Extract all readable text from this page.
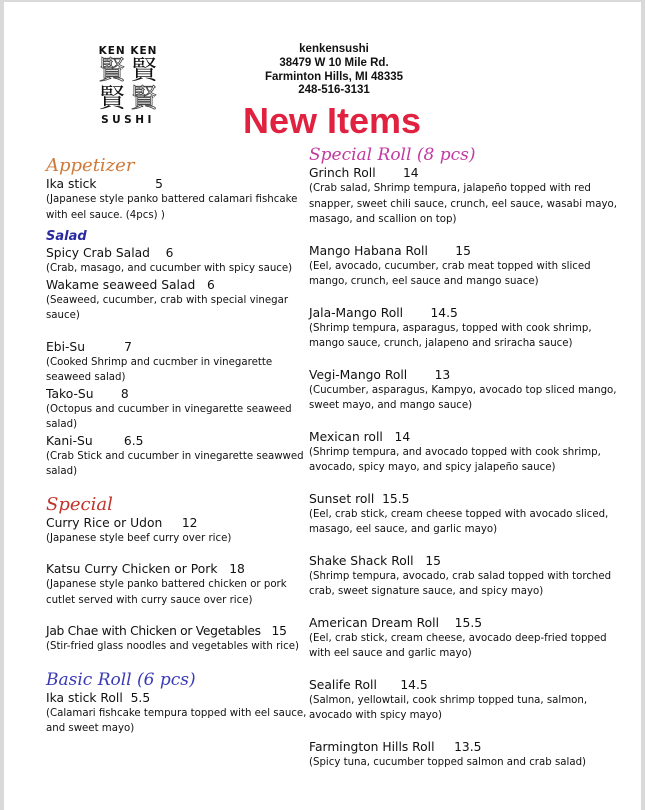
KEN KEN
賢 賢
賢 賢
SUSHI
kenkensushi
38479 W 10 Mile Rd.
Farminton Hills, MI 48335
248-516-3131
New Items
Appetizer
Ika stick	5
(Japanese style panko battered calamari fishcake with eel sauce. (4pcs) )
Salad
Spicy Crab Salad 6
(Crab, masago, and cucumber with spicy sauce)
Wakame seaweed Salad 6
(Seaweed, cucumber, crab with special vinegar sauce)
Ebi-Su	7
(Cooked Shrimp and cucmber in vinegarette seaweed salad)
Tako-Su 8
(Octopus and cucumber in vinegarette seaweed salad)
Kani-Su	6.5
(Crab Stick and cucumber in vinegarette seawwed salad)
Special
Curry Rice or Udon 12
(Japanese style beef curry over rice)
Katsu Curry Chicken or Pork 18
(Japanese style panko battered chicken or pork cutlet served with curry sauce over rice)
Jab Chae with Chicken or Vegetables 15
(Stir-fried glass noodles and vegetables with rice)
Basic Roll (6 pcs)
Ika stick Roll 5.5
(Calamari fishcake tempura topped with eel sauce, and sweet mayo)
Special Roll (8 pcs)
Grinch Roll 14
(Crab salad, Shrimp tempura, jalapeño topped with red snapper, sweet chili sauce, crunch, eel sauce, wasabi mayo, masago, and scallion on top)
Mango Habana Roll 15
(Eel, avocado, cucumber, crab meat topped with sliced mango, crunch, eel sauce and mango suace)
Jala-Mango Roll 14.5
(Shrimp tempura, asparagus, topped with cook shrimp, mango sauce, crunch, jalapeno and sriracha sauce)
Vegi-Mango Roll 13
(Cucumber, asparagus, Kampyo, avocado top sliced mango, sweet mayo, and mango sauce)
Mexican roll 14
(Shrimp tempura, and avocado topped with cook shrimp, avocado, spicy mayo, and spicy jalapeño sauce)
Sunset roll 15.5
(Eel, crab stick, cream cheese topped with avocado sliced, masago, eel sauce, and garlic mayo)
Shake Shack Roll 15
(Shrimp tempura, avocado, crab salad topped with torched crab, sweet signature sauce, and spicy mayo)
American Dream Roll 15.5
(Eel, crab stick, cream cheese, avocado deep-fried topped with eel sauce and garlic mayo)
Sealife Roll 14.5
(Salmon, yellowtail, cook shrimp topped tuna, salmon, avocado with spicy mayo)
Farmington Hills Roll 13.5
(Spicy tuna, cucumber topped salmon and crab salad)
